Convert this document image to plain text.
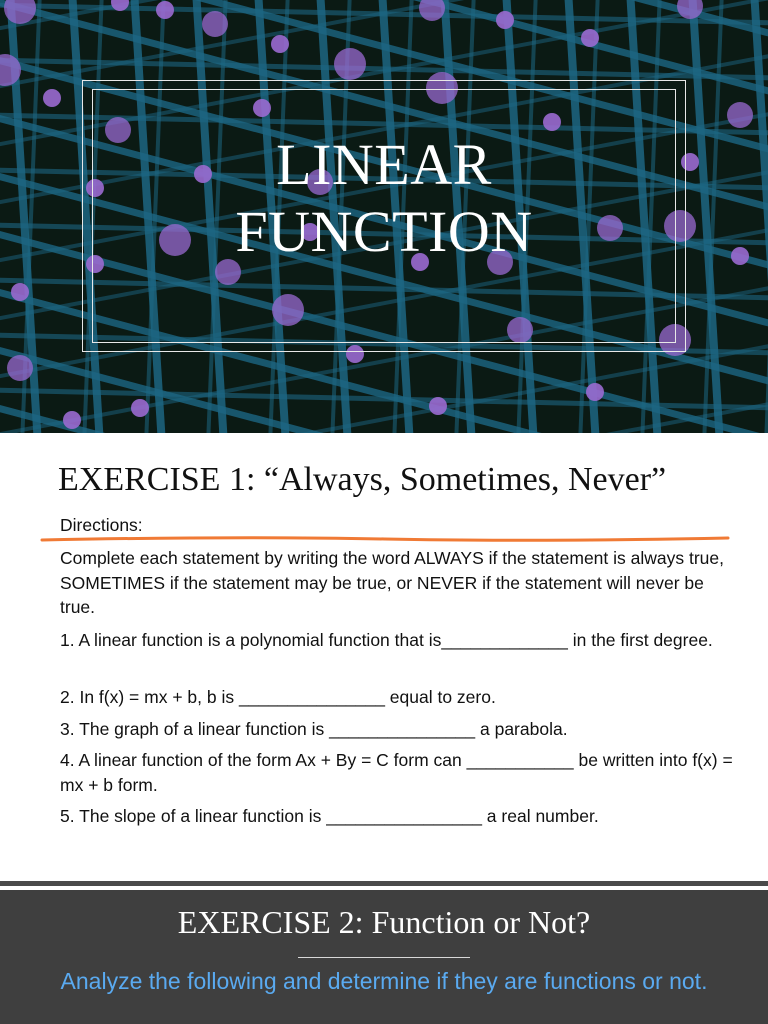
LINEAR
FUNCTION
EXERCISE 1: “Always, Sometimes, Never”
Directions:
Complete each statement by writing the word ALWAYS if the statement is always true, SOMETIMES if the statement may be true, or NEVER if the statement will never be true.
1. A linear function is a polynomial function that is_____________ in the first degree.
2. In f(x) = mx + b, b is _______________ equal to zero.
3. The graph of a linear function is _______________ a parabola.
4. A linear function of the form Ax + By = C form can ___________ be written into f(x) = mx + b form.
5. The slope of a linear function is ________________ a real number.
EXERCISE 2: Function or Not?
Analyze the following and determine if they are functions or not.
